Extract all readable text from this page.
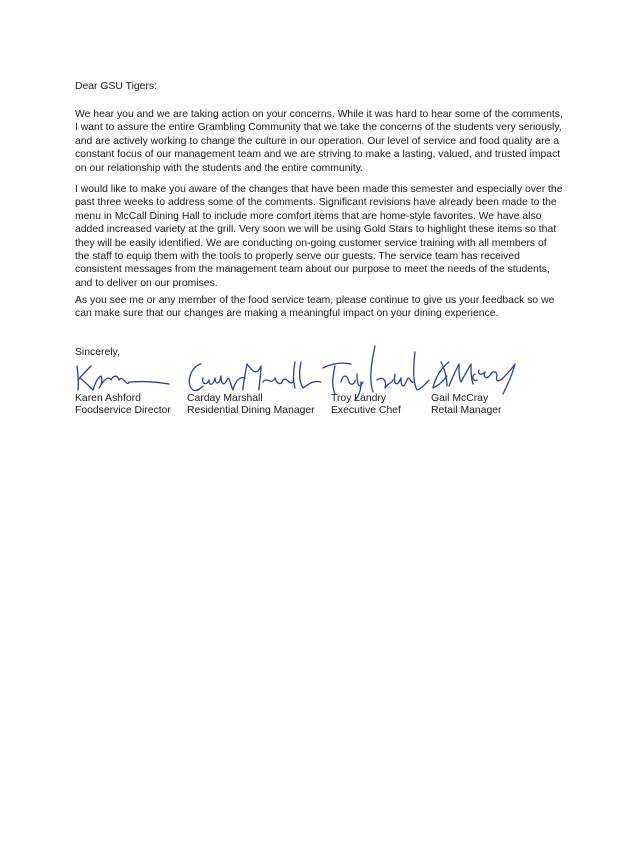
Dear GSU Tigers:

We hear you and we are taking action on your concerns. While it was hard to hear some of the comments, I want to assure the entire Grambling Community that we take the concerns of the students very seriously, and are actively working to change the culture in our operation. Our level of service and food quality are a constant focus of our management team and we are striving to make a lasting, valued, and trusted impact on our relationship with the students and the entire community.

I would like to make you aware of the changes that have been made this semester and especially over the past three weeks to address some of the comments. Significant revisions have already been made to the menu in McCall Dining Hall to include more comfort items that are home-style favorites. We have also added increased variety at the grill. Very soon we will be using Gold Stars to highlight these items so that they will be easily identified. We are conducting on-going customer service training with all members of the staff to equip them with the tools to properly serve our guests. The service team has received consistent messages from the management team about our purpose to meet the needs of the students, and to deliver on our promises.

As you see me or any member of the food service team, please continue to give us your feedback so we can make sure that our changes are making a meaningful impact on your dining experience.

Sincerely,

Karen Ashford
Foodservice Director
Carday Marshall
Residential Dining Manager
Troy Landry
Executive Chef
Gail McCray
Retail Manager
